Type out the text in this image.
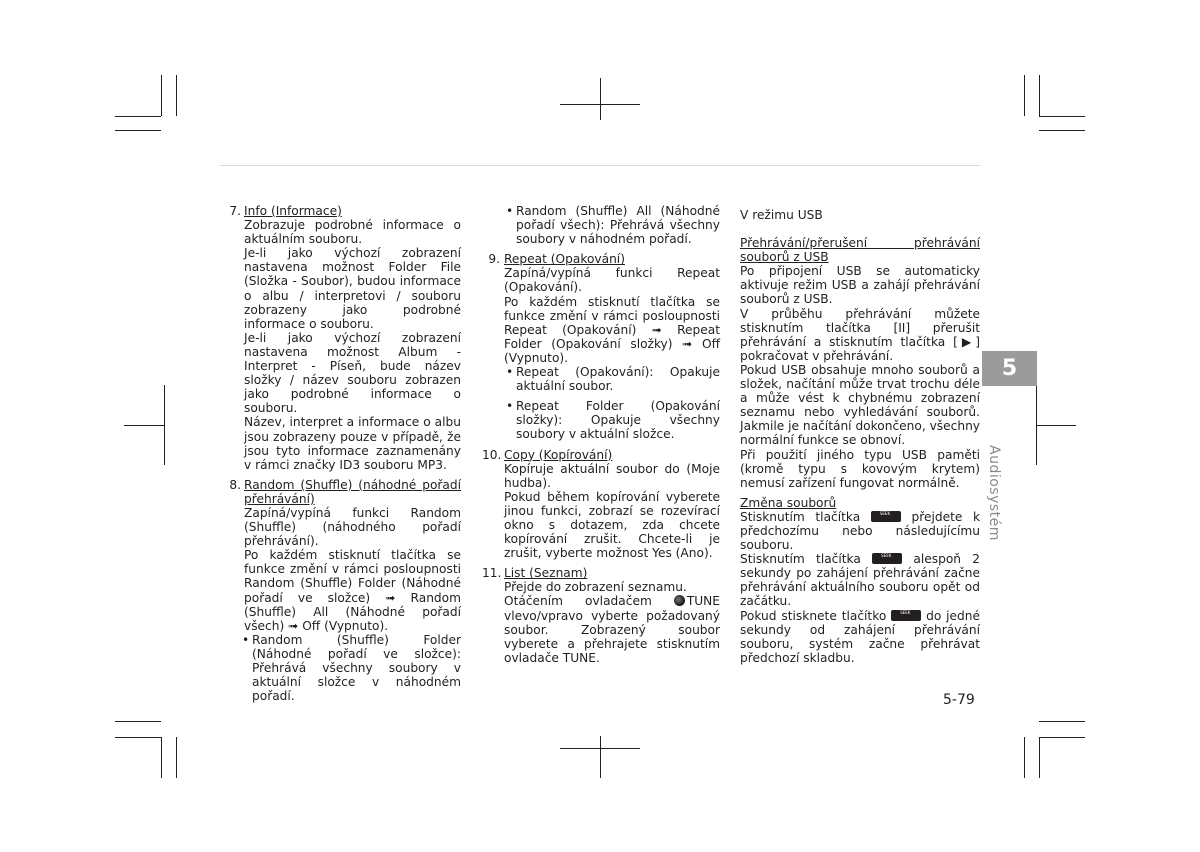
7. Info (Informace)

Zobrazuje podrobné informace o aktuálním souboru.

Je-li jako výchozí zobrazení nastavena možnost Folder File (Složka - Soubor), budou informace o albu / interpretovi / souboru zobrazeny jako podrobné informace o souboru.

Je-li jako výchozí zobrazení nastavena možnost Album - Interpret - Píseň, bude název složky / název souboru zobrazen jako podrobné informace o souboru.

Název, interpret a informace o albu jsou zobrazeny pouze v případě, že jsou tyto informace zaznamenány v rámci značky ID3 souboru MP3.

8. Random (Shuffle) (náhodné pořadí přehrávání)

Zapíná/vypíná funkci Random (Shuffle) (náhodného pořadí přehrávání).

Po každém stisknutí tlačítka se funkce změní v rámci posloupnosti Random (Shuffle) Folder (Náhodné pořadí ve složce) ➟ Random (Shuffle) All (Náhodné pořadí všech) ➟ Off (Vypnuto).

• Random (Shuffle) Folder (Náhodné pořadí ve složce): Přehrává všechny soubory v aktuální složce v náhodném pořadí.

• Random (Shuffle) All (Náhodné pořadí všech): Přehrává všechny soubory v náhodném pořadí.

9. Repeat (Opakování)

Zapíná/vypíná funkci Repeat (Opakování).

Po každém stisknutí tlačítka se funkce změní v rámci posloupnosti Repeat (Opakování) ➟ Repeat Folder (Opakování složky) ➟ Off (Vypnuto).

• Repeat (Opakování): Opakuje aktuální soubor.

• Repeat Folder (Opakování složky): Opakuje všechny soubory v aktuální složce.

10. Copy (Kopírování)

Kopíruje aktuální soubor do (Moje hudba).

Pokud během kopírování vyberete jinou funkci, zobrazí se rozevírací okno s dotazem, zda chcete kopírování zrušit. Chcete-li je zrušit, vyberte možnost Yes (Ano).

11. List (Seznam)

Přejde do zobrazení seznamu.

Otáčením ovladačem	TUNE vlevo/vpravo vyberte požadovaný soubor. Zobrazený soubor vyberete a přehrajete stisknutím ovladače TUNE.

V režimu USB

Přehrávání/přerušení přehrávání souborů z USB

Po připojení USB se automaticky aktivuje režim USB a zahájí přehrávání souborů z USB.

V průběhu přehrávání můžete stisknutím tlačítka [II] přerušit přehrávání a stisknutím tlačítka [▶] pokračovat v přehrávání.

Pokud USB obsahuje mnoho souborů a složek, načítání může trvat trochu déle a může vést k chybnému zobrazení seznamu nebo vyhledávání souborů. Jakmile je načítání dokončeno, všechny normální funkce se obnoví.

Při použití jiného typu USB paměti (kromě typu s kovovým krytem) nemusí zařízení fungovat normálně.

Změna souborů

Stisknutím tlačítka SEEK	přejdete k předchozímu nebo následujícímu souboru.

Stisknutím tlačítka SEEK	alespoň 2 sekundy po zahájení přehrávání začne přehrávání aktuálního souboru opět od začátku.

Pokud stisknete tlačítko SEEK	do jedné sekundy od zahájení přehrávání souboru, systém začne přehrávat předchozí skladbu.

5
Audiosystém
5-79
